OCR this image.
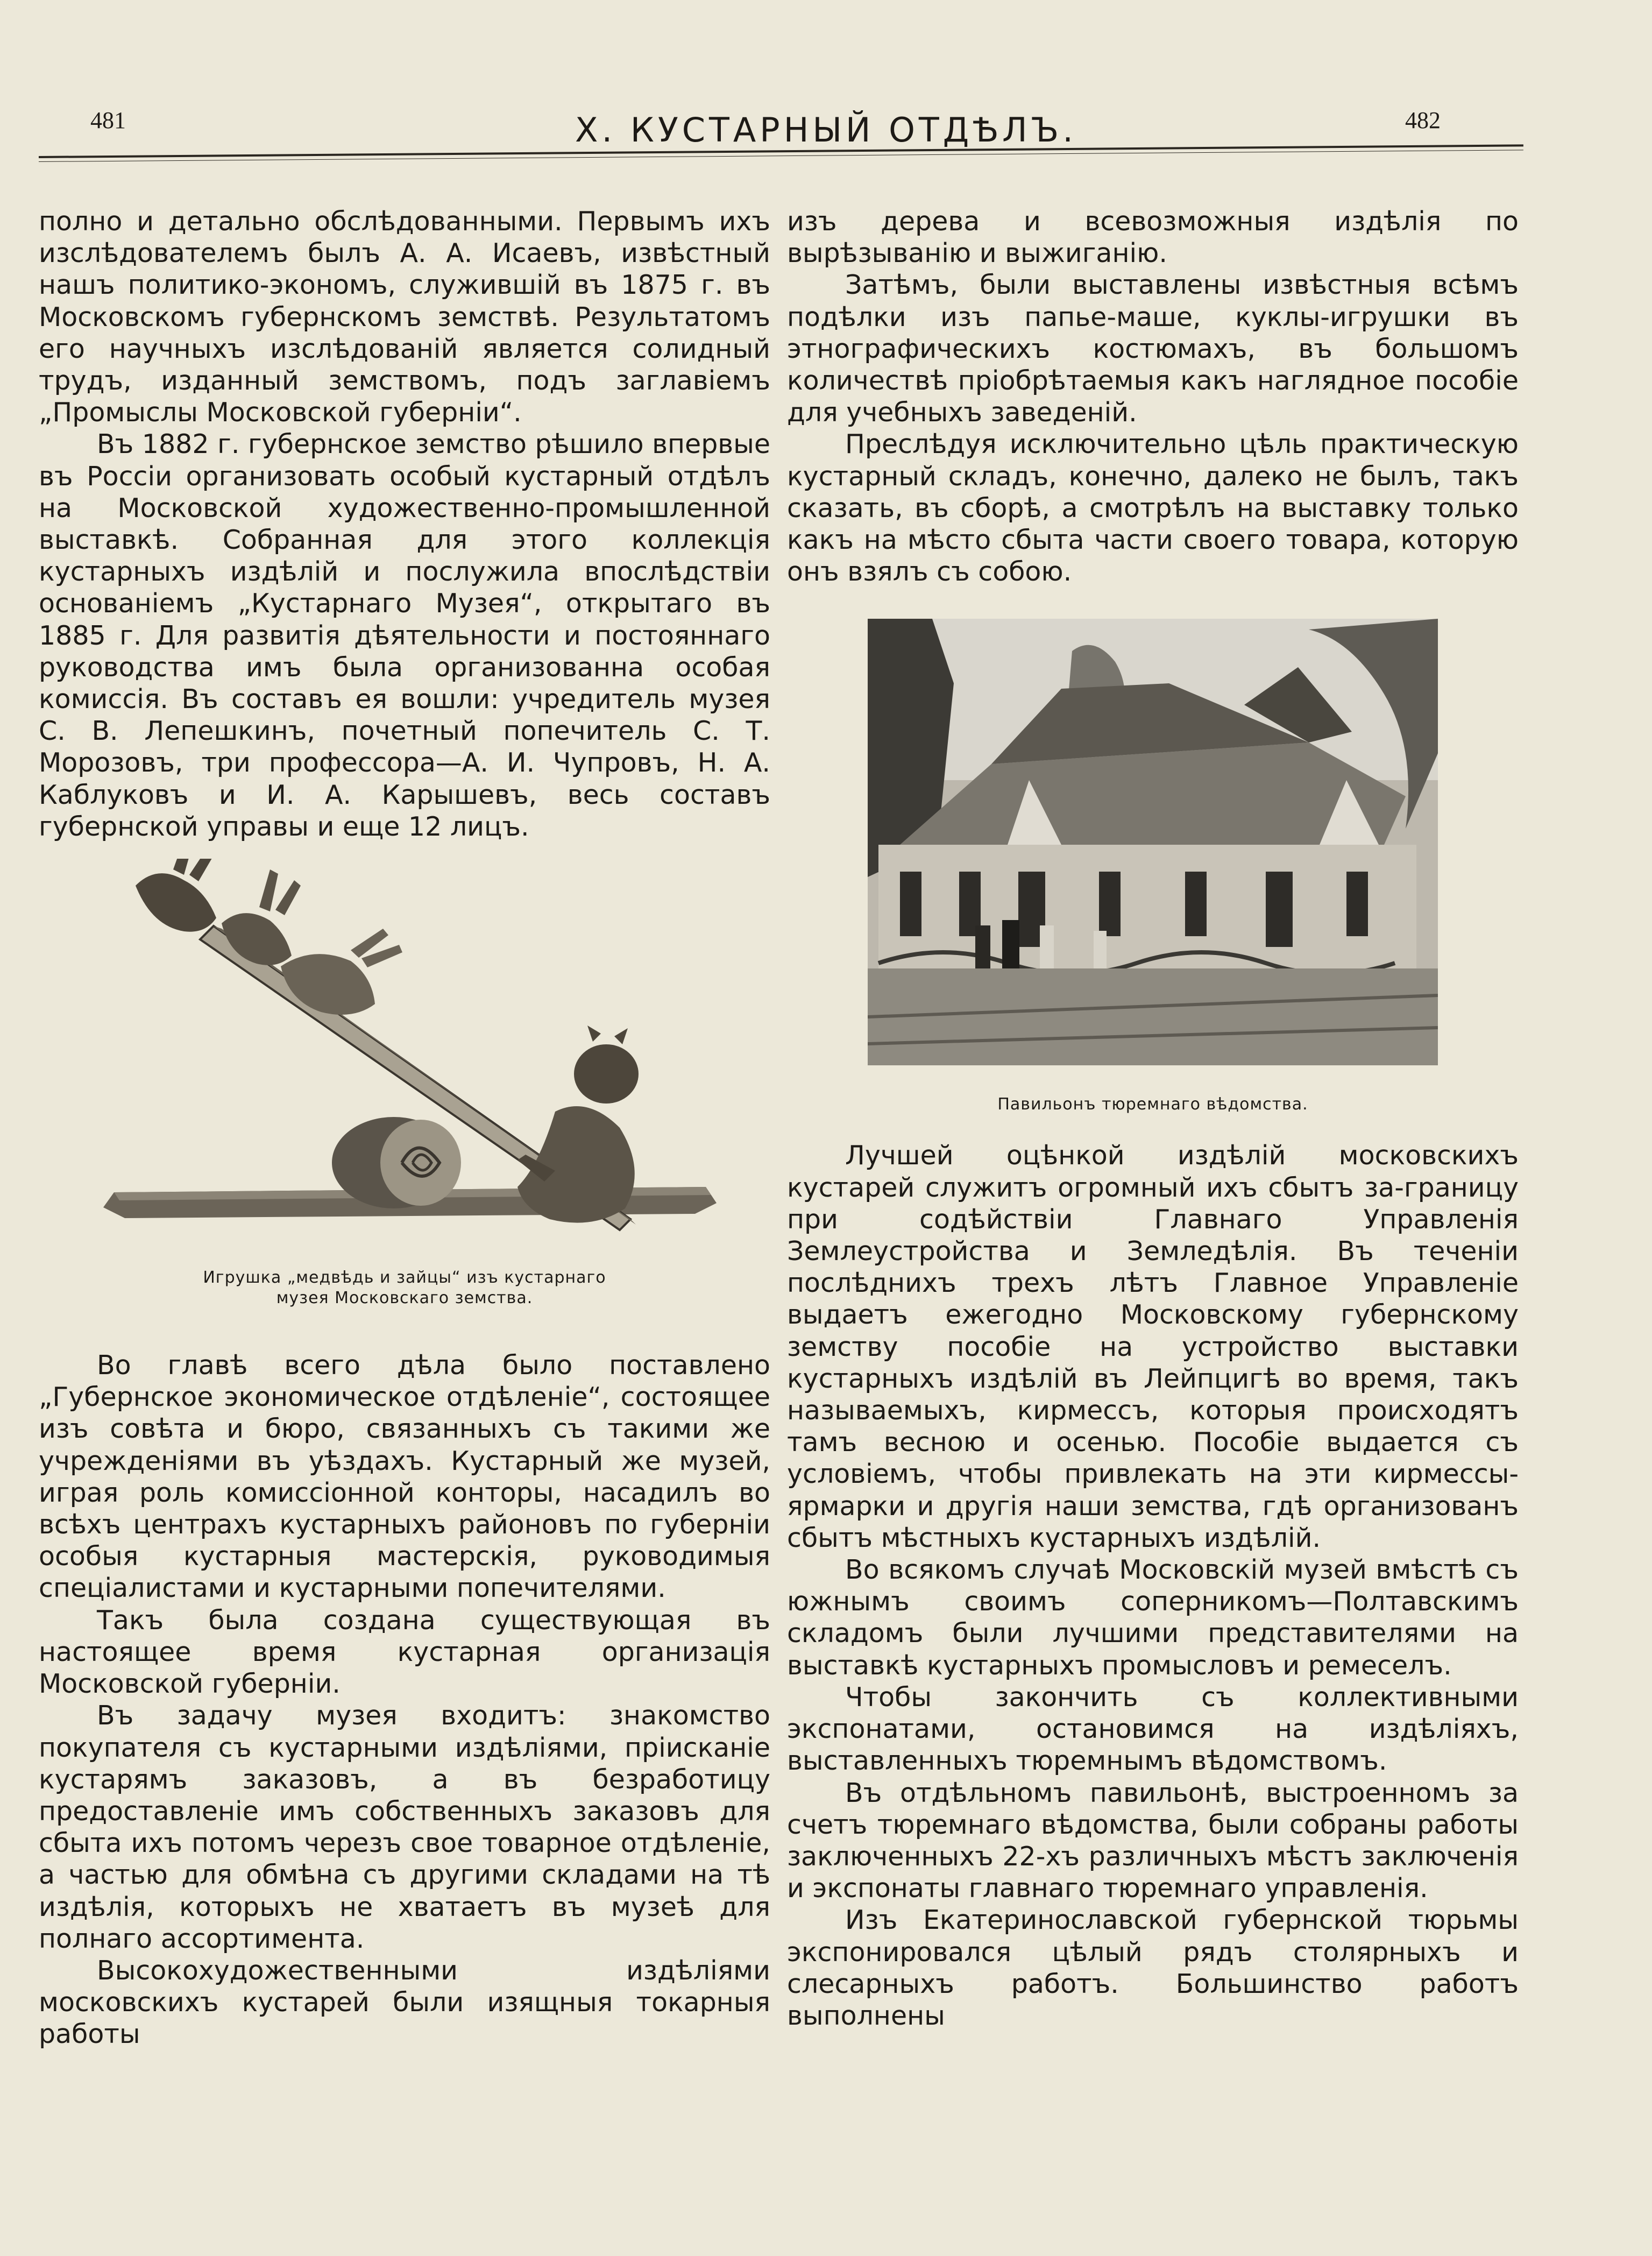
481	X. КУСТАРНЫЙ ОТДѢЛЪ.	482

полно и детально обслѣдованными. Первымъ ихъ изслѣдователемъ былъ А. А. Исаевъ, извѣстный нашъ политико-экономъ, служившій въ 1875 г. въ Московскомъ губернскомъ земствѣ. Результатомъ его научныхъ изслѣдованій является солидный трудъ, изданный земствомъ, подъ заглавіемъ „Промыслы Московской губерніи“.

Въ 1882 г. губернское земство рѣшило впервые въ Россіи организовать особый кустарный отдѣлъ на Московской художественно-промышленной выставкѣ. Собранная для этого коллекція кустарныхъ издѣлій и послужила впослѣдствіи основаніемъ „Кустарнаго Музея“, открытаго въ 1885 г. Для развитія дѣятельности и постояннаго руководства имъ была организованна особая комиссія. Въ составъ ея вошли: учредитель музея С. В. Лепешкинъ, почетный попечитель С. Т. Морозовъ, три профессора—А. И. Чупровъ, Н. А. Каблуковъ и И. А. Карышевъ, весь составъ губернской управы и еще 12 лицъ.

Игрушка „медвѣдь и зайцы“ изъ кустарнаго
музея Московскаго земства.

Во главѣ всего дѣла было поставлено „Губернское экономическое отдѣленіе“, состоящее изъ совѣта и бюро, связанныхъ съ такими же учрежденіями въ уѣздахъ. Кустарный же музей, играя роль комиссіонной конторы, насадилъ во всѣхъ центрахъ кустарныхъ районовъ по губерніи особыя кустарныя мастерскія, руководимыя спеціалистами и кустарными попечителями.

Такъ была создана существующая въ настоящее время кустарная организація Московской губерніи.

Въ задачу музея входитъ: знакомство покупателя съ кустарными издѣліями, пріисканіе кустарямъ заказовъ, а въ безработицу предоставленіе имъ собственныхъ заказовъ для сбыта ихъ потомъ черезъ свое товарное отдѣленіе, а частью для обмѣна съ другими складами на тѣ издѣлія, которыхъ не хватаетъ въ музеѣ для полнаго ассортимента.

Высокохудожественными издѣліями московскихъ кустарей были изящныя токарныя работы

изъ дерева и всевозможныя издѣлія по вырѣзыванію и выжиганію.

Затѣмъ, были выставлены извѣстныя всѣмъ подѣлки изъ папье-маше, куклы-игрушки въ этнографическихъ костюмахъ, въ большомъ количествѣ пріобрѣтаемыя какъ наглядное пособіе для учебныхъ заведеній.

Преслѣдуя исключительно цѣль практическую кустарный складъ, конечно, далеко не былъ, такъ сказать, въ сборѣ, а смотрѣлъ на выставку только какъ на мѣсто сбыта части своего товара, которую онъ взялъ съ собою.

Павильонъ тюремнаго вѣдомства.

Лучшей оцѣнкой издѣлій московскихъ кустарей служитъ огромный ихъ сбытъ за-границу при содѣйствіи Главнаго Управленія Землеустройства и Земледѣлія. Въ теченіи послѣднихъ трехъ лѣтъ Главное Управленіе выдаетъ ежегодно Московскому губернскому земству пособіе на устройство выставки кустарныхъ издѣлій въ Лейпцигѣ во время, такъ называемыхъ, кирмессъ, которыя происходятъ тамъ весною и осенью. Пособіе выдается съ условіемъ, чтобы привлекать на эти кирмессы-ярмарки и другія наши земства, гдѣ организованъ сбытъ мѣстныхъ кустарныхъ издѣлій.

Во всякомъ случаѣ Московскій музей вмѣстѣ съ южнымъ своимъ соперникомъ—Полтавскимъ складомъ были лучшими представителями на выставкѣ кустарныхъ промысловъ и ремеселъ.

Чтобы закончить съ коллективными экспонатами, остановимся на издѣліяхъ, выставленныхъ тюремнымъ вѣдомствомъ.

Въ отдѣльномъ павильонѣ, выстроенномъ за счетъ тюремнаго вѣдомства, были собраны работы заключенныхъ 22-хъ различныхъ мѣстъ заключенія и экспонаты главнаго тюремнаго управленія.

Изъ Екатеринославской губернской тюрьмы экспонировался цѣлый рядъ столярныхъ и слесарныхъ работъ. Большинство работъ выполнены
